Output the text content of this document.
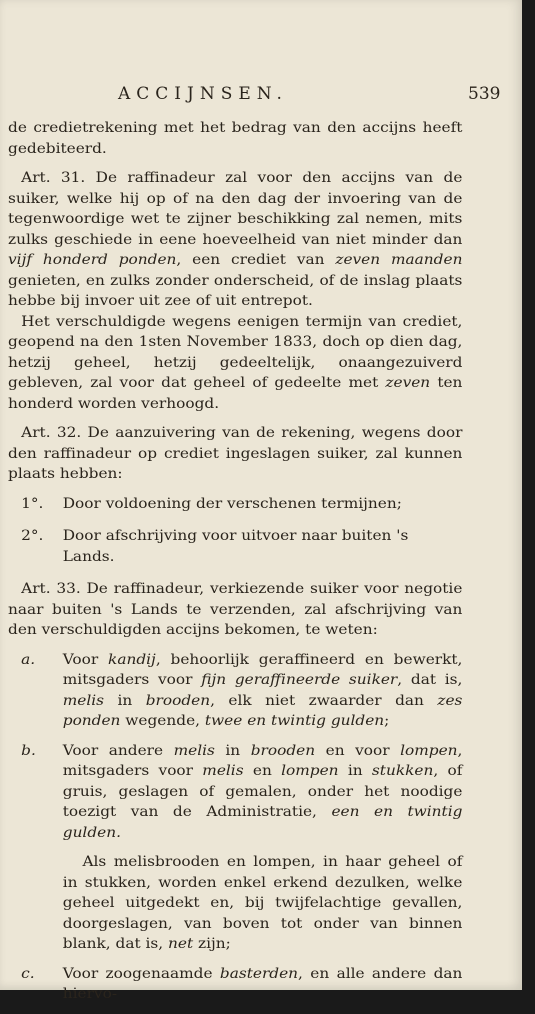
ACCIJNSEN.	539

de credietrekening met het bedrag van den accijns heeft gedebiteerd.

Art. 31. De raffinadeur zal voor den accijns van de suiker, welke hij op of na den dag der invoering van de tegenwoordige wet te zijner beschikking zal nemen, mits zulks geschiede in eene hoeveelheid van niet minder dan vijf honderd ponden, een crediet van zeven maanden genieten, en zulks zonder onderscheid, of de inslag plaats hebbe bij invoer uit zee of uit entrepot.

Het verschuldigde wegens eenigen termijn van crediet, geopend na den 1sten November 1833, doch op dien dag, hetzij geheel, hetzij gedeeltelijk, onaangezuiverd gebleven, zal voor dat geheel of gedeelte met zeven ten honderd worden verhoogd.

Art. 32. De aanzuivering van de rekening, wegens door den raffinadeur op crediet ingeslagen suiker, zal kunnen plaats hebben:

1°.	Door voldoening der verschenen termijnen;
2°.	Door afschrijving voor uitvoer naar buiten 's Lands.

Art. 33. De raffinadeur, verkiezende suiker voor negotie naar buiten 's Lands te verzenden, zal afschrijving van den verschuldigden accijns bekomen, te weten:

a.	Voor kandij, behoorlijk geraffineerd en bewerkt, mitsgaders voor fijn geraffineerde suiker, dat is, melis in brooden, elk niet zwaarder dan zes ponden wegende, twee en twintig gulden;
b.	Voor andere melis in brooden en voor lompen, mitsgaders voor melis en lompen in stukken, of gruis, geslagen of gemalen, onder het noodige toezigt van de Administratie, een en twintig gulden.

Als melisbrooden en lompen, in haar geheel of in stukken, worden enkel erkend dezulken, welke geheel uitgedekt en, bij twijfelachtige gevallen, doorgeslagen, van boven tot onder van binnen blank, dat is, net zijn;

c.	Voor zoogenaamde basterden, en alle andere dan hiervo-
